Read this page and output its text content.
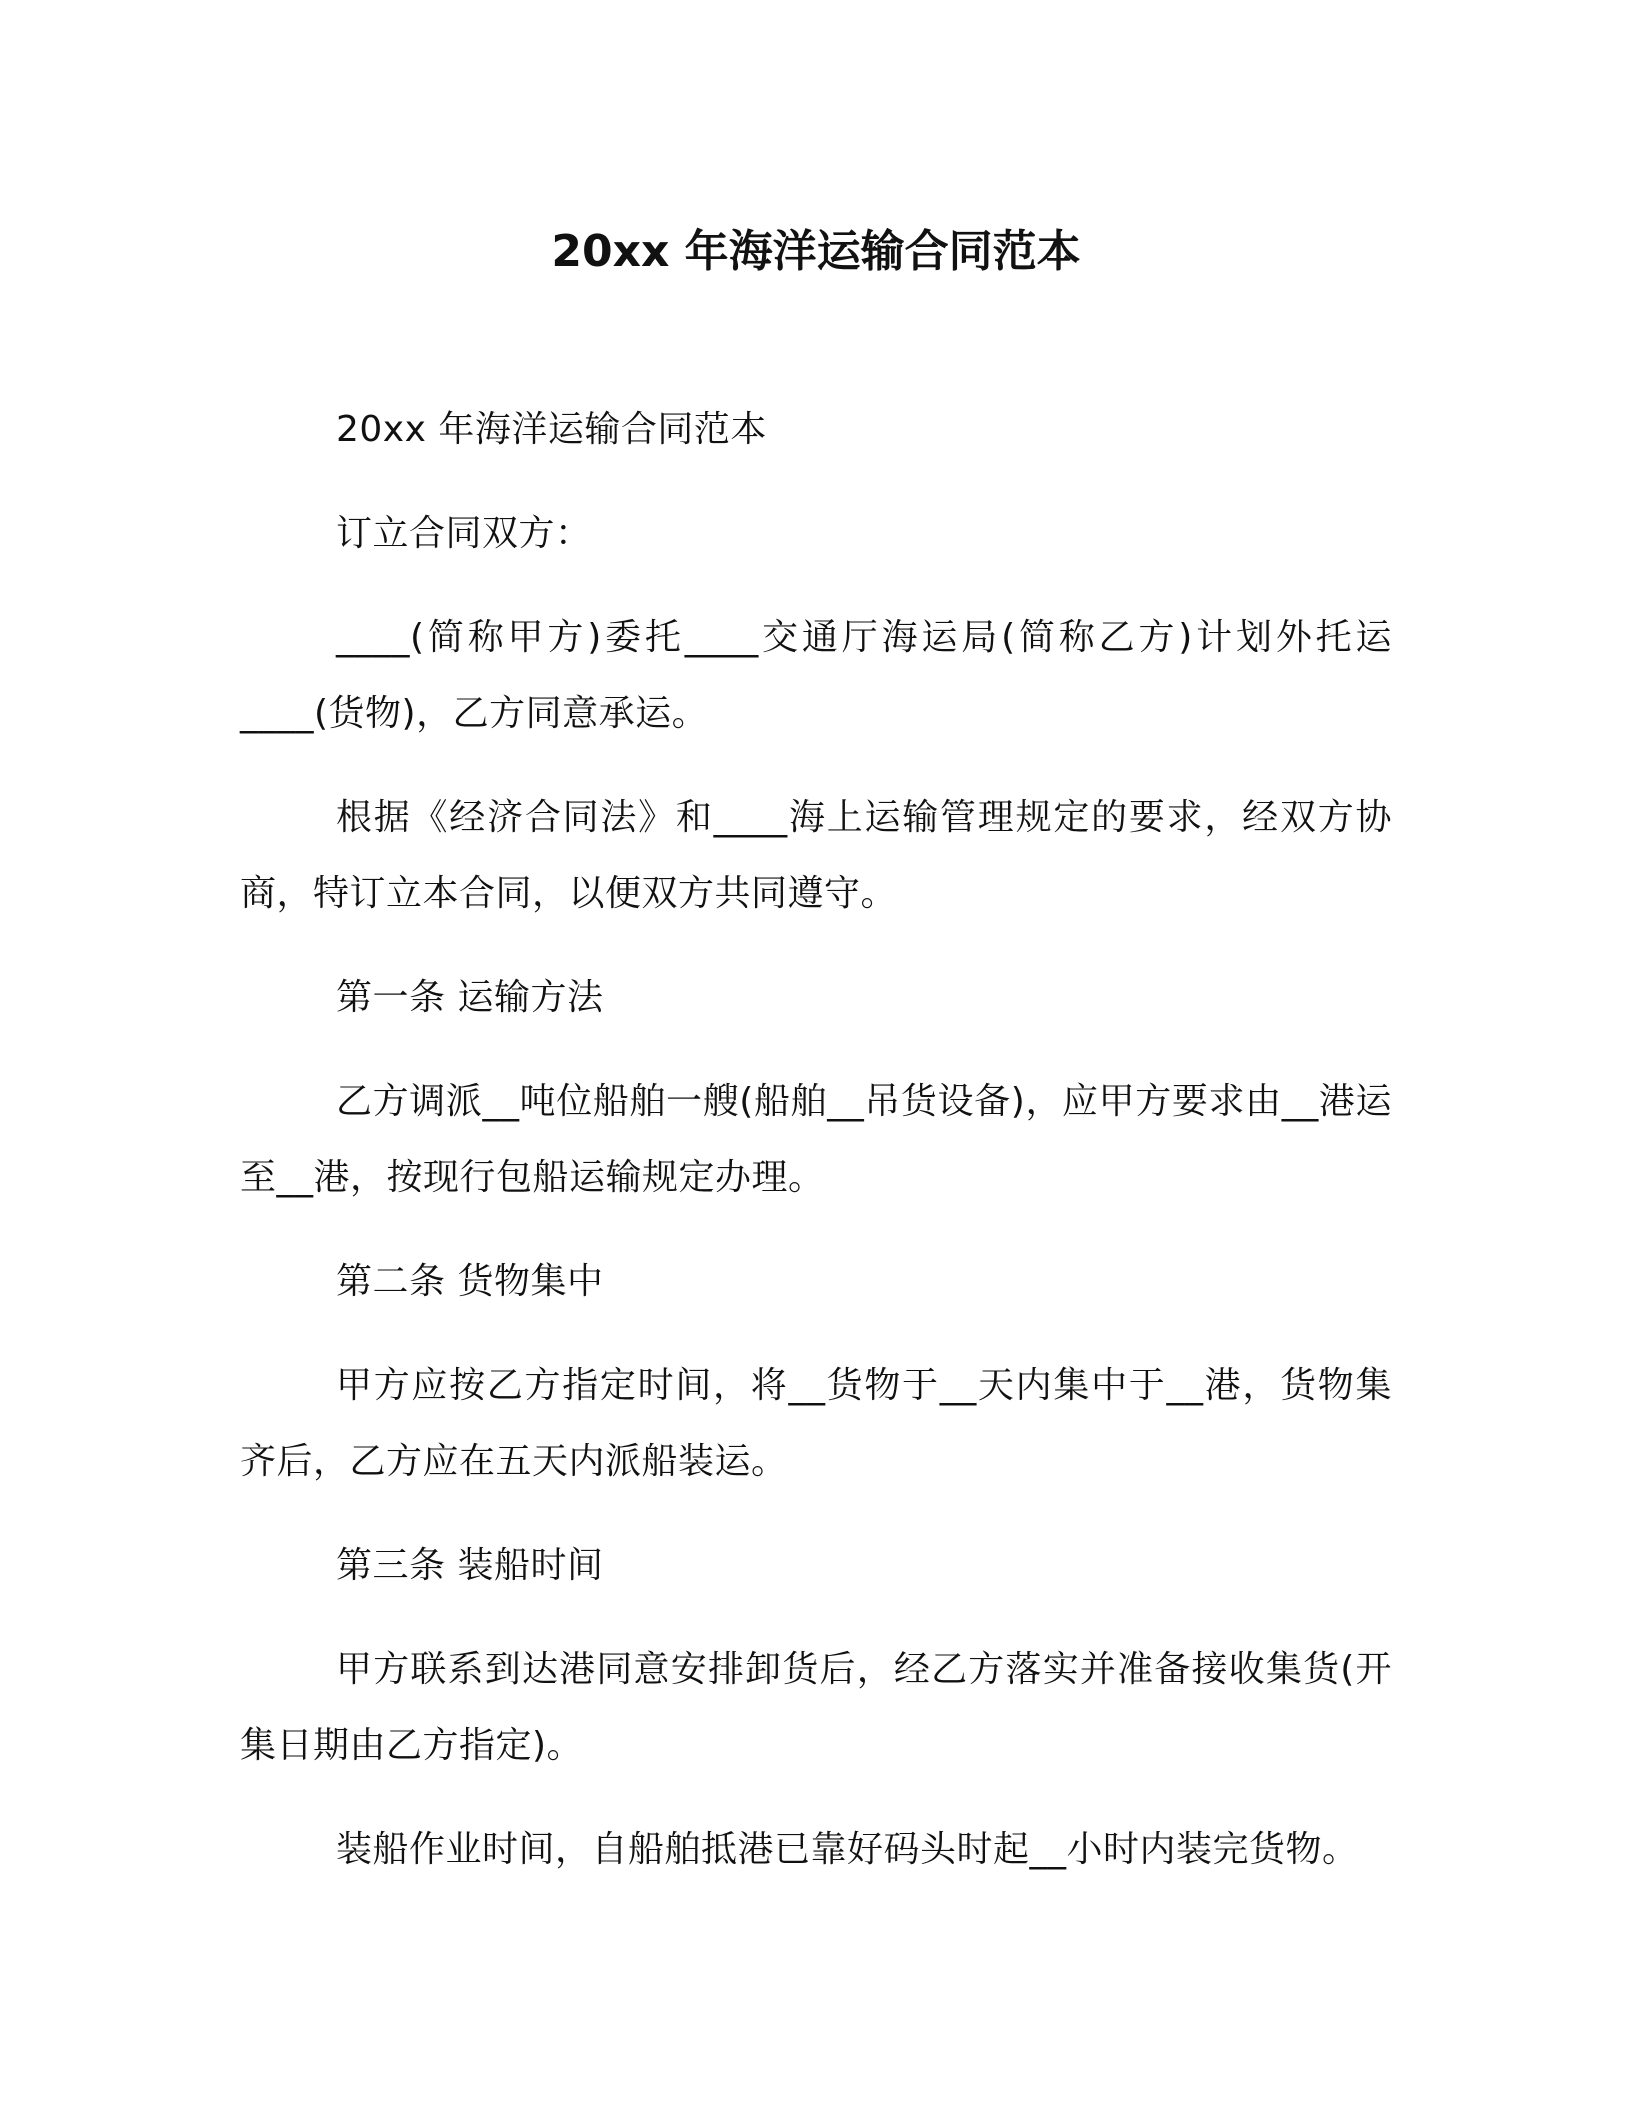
20xx 年海洋运输合同范本

20xx 年海洋运输合同范本

订立合同双方：

____(简称甲方)委托____交通厅海运局(简称乙方)计划外托运____(货物)，乙方同意承运。

根据《经济合同法》和____海上运输管理规定的要求，经双方协商，特订立本合同，以便双方共同遵守。

第一条 运输方法

乙方调派__吨位船舶一艘(船舶__吊货设备)，应甲方要求由__港运至__港，按现行包船运输规定办理。

第二条 货物集中

甲方应按乙方指定时间，将__货物于__天内集中于__港，货物集齐后，乙方应在五天内派船装运。

第三条 装船时间

甲方联系到达港同意安排卸货后，经乙方落实并准备接收集货(开集日期由乙方指定)。

装船作业时间，自船舶抵港已靠好码头时起__小时内装完货物。
